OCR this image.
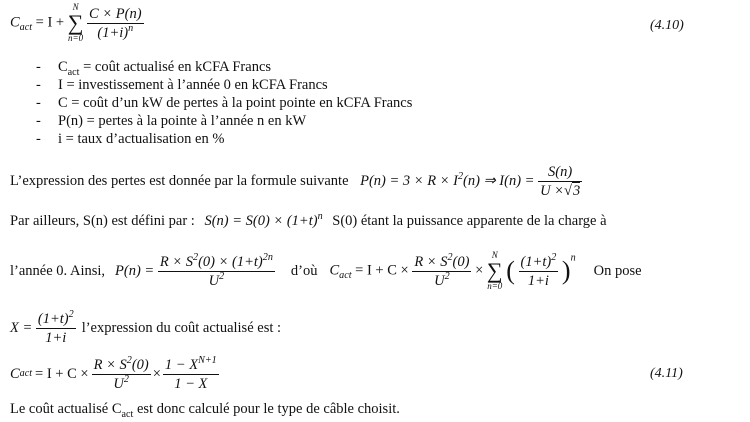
$C_{act} = I$ +
N
∑
n=0
$\frac{C \times P(n)}{(1+i)^n}$	(4.10)
- $C_{act}$ = coût actualisé en kCFA Francs
- I = investissement à l’année 0 en kCFA Francs
- C = coût d’un kW de pertes à la point pointe en kCFA Francs
- P(n) = pertes à la pointe à l’année n en kW
- i = taux d’actualisation en %
L’expression des pertes est donnée par la formule suivante $P(n) = 3 \times R \times I^2(n)$ ⇒ $I(n) = \frac{S(n)}{U \times√3}$
Par ailleurs, S(n) est défini par : $S(n) = S(0) \times (1+t)^n$ S(0) étant la puissance apparente de la charge à
l’année 0. Ainsi, $P(n) = \frac{R \times S^2(0) \times (1+t)^{2n}}{U^2}$ d’où $C_{act} = I + C \times \frac{R \times S^2(0)}{U^2}$ ×
N
∑
n=0
( $\frac{(1+t)^2}{1+i} )^n$
On pose
$X = \frac{(1+t)^2}{1+i}$ l’expression du coût actualisé est :
C act = $I + C \times \frac{R \times S^2(0)}{U^2} \times \frac{1 - X^{N+1}}{1 - X}$	(4.11)
Le coût actualisé $C_{act}$ est donc calculé pour le type de câble choisit.
